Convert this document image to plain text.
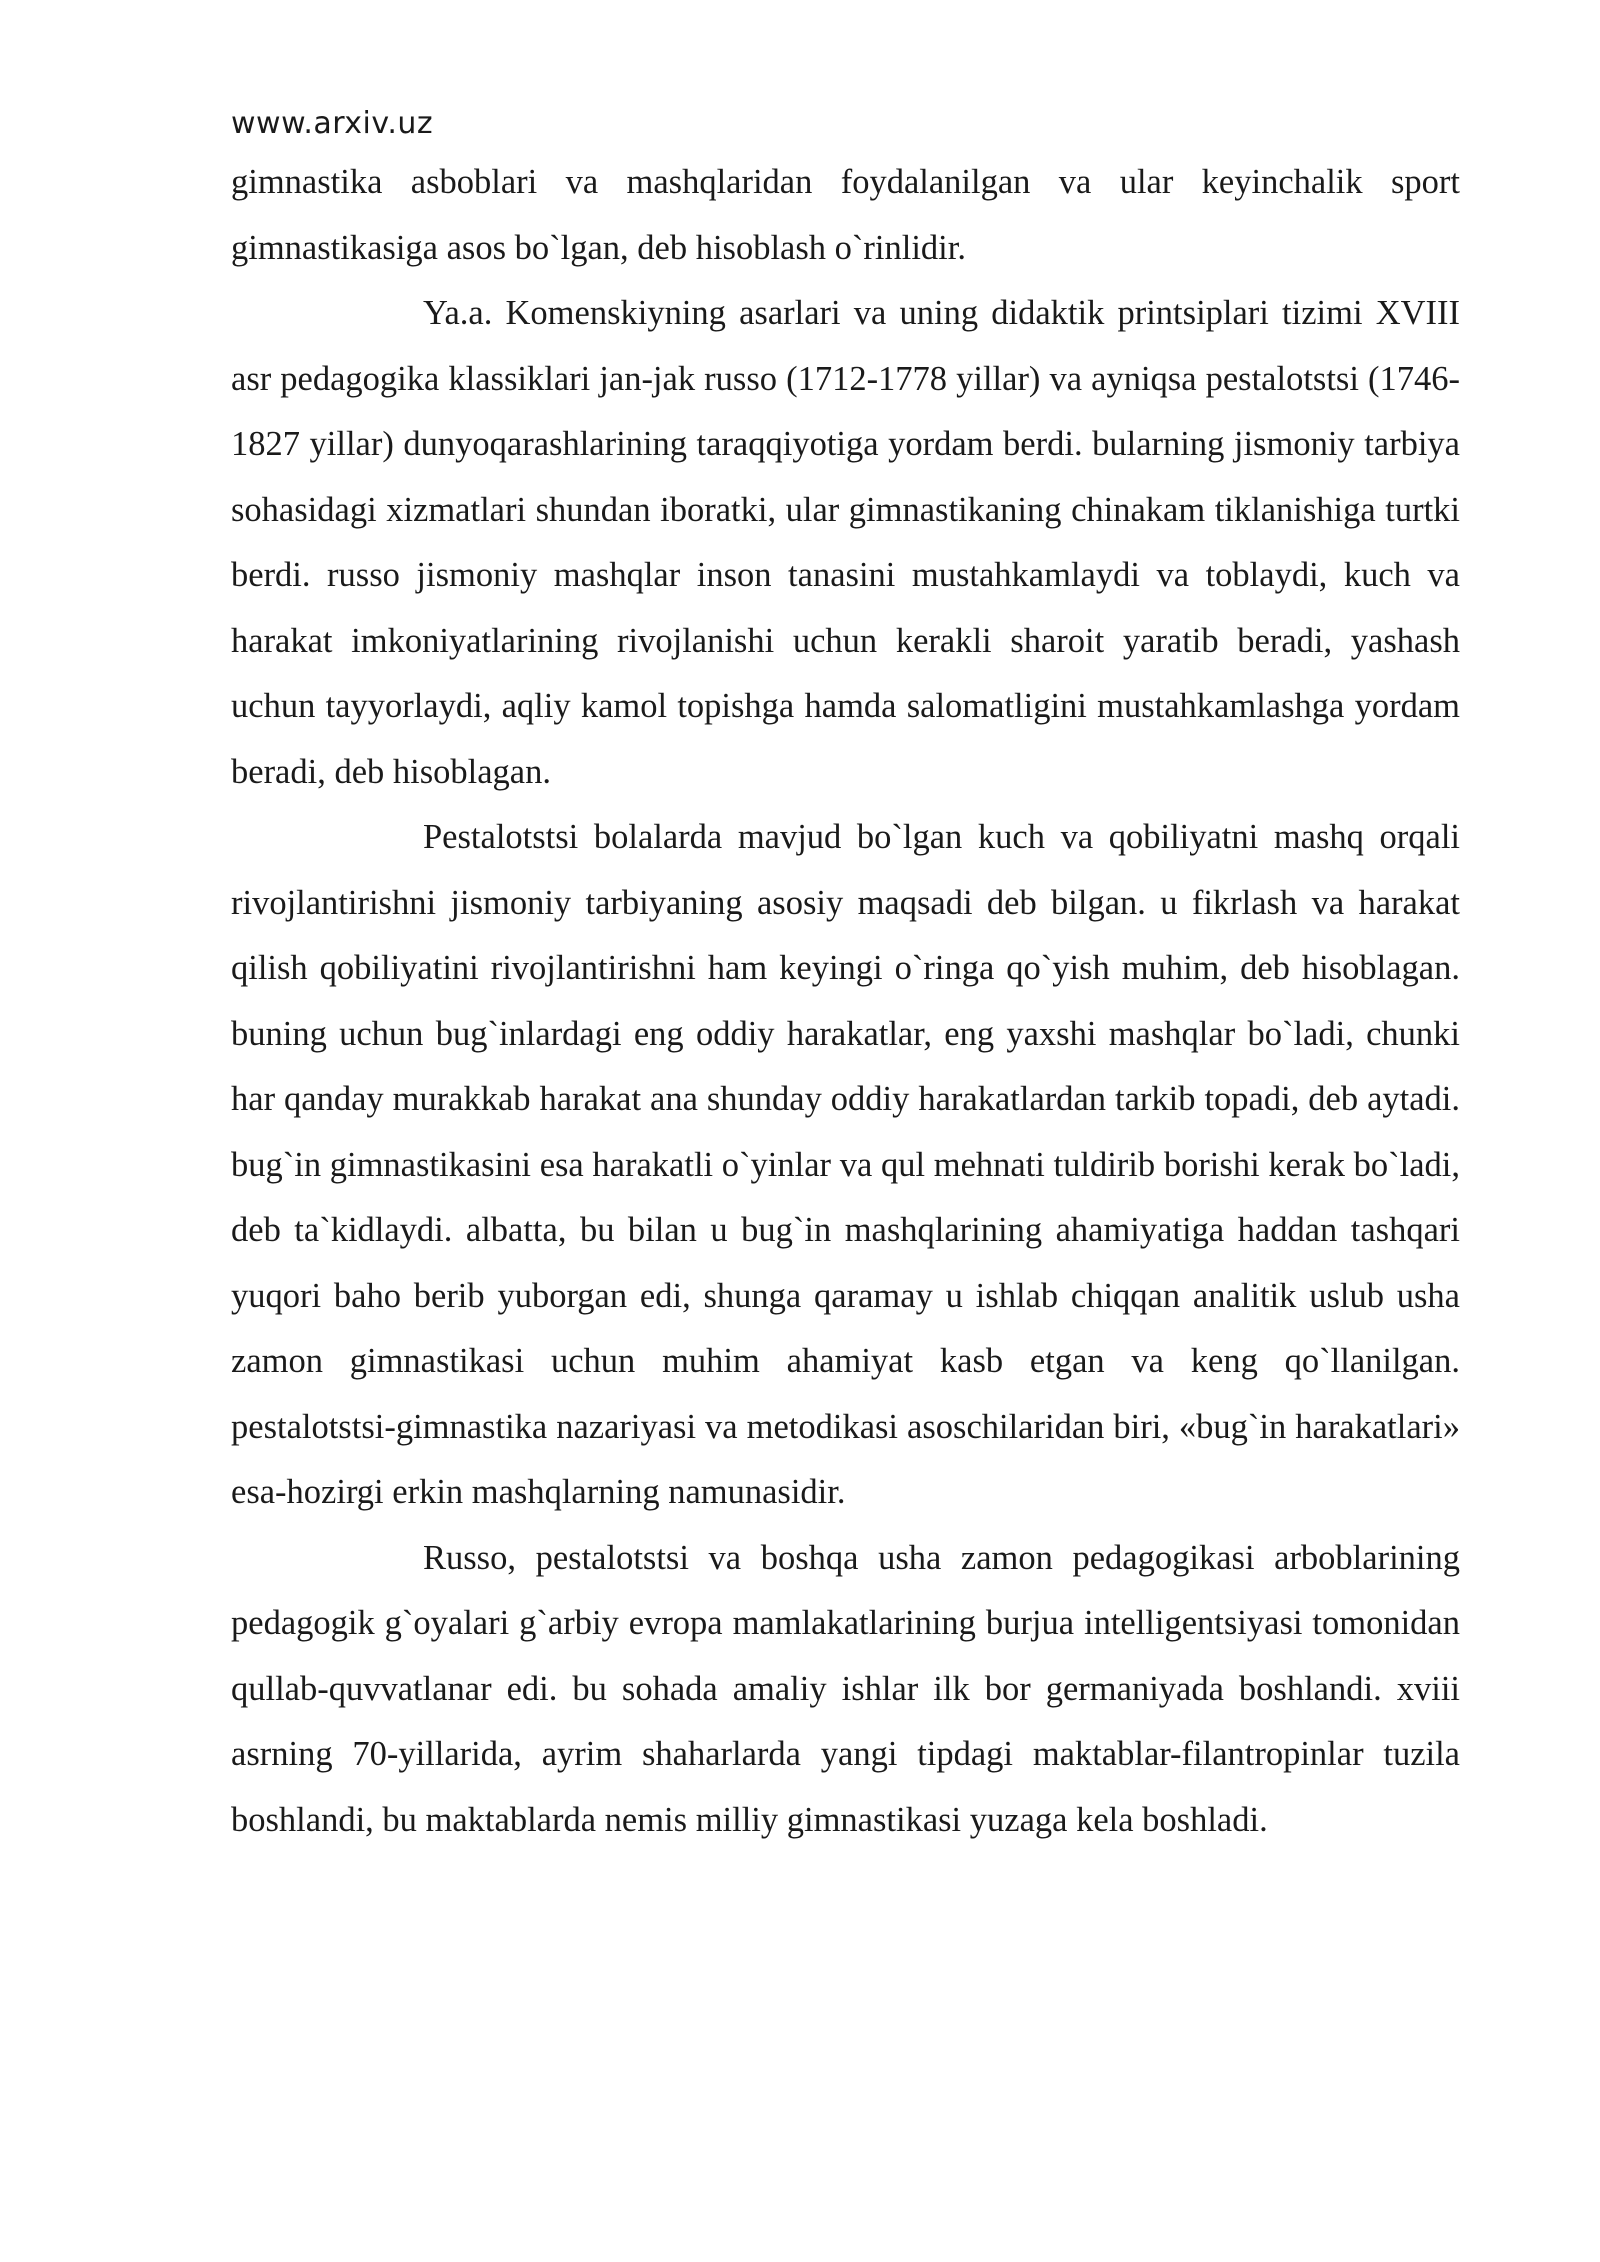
www.arxiv.uz

gimnastika asboblari va mashqlaridan foydalanilgan va ular keyinchalik sport gimnastikasiga asos bo`lgan, deb hisoblash o`rinlidir.

Ya.a. Komenskiyning asarlari va uning didaktik printsiplari tizimi XVIII asr pedagogika klassiklari jan-jak russo (1712-1778 yillar) va ayniqsa pestalotstsi (1746-1827 yillar) dunyoqarashlarining taraqqiyotiga yordam berdi. bularning jismoniy tarbiya sohasidagi xizmatlari shundan iboratki, ular gimnastikaning chinakam tiklanishiga turtki berdi. russo jismoniy mashqlar inson tanasini mustahkamlaydi va toblaydi, kuch va harakat imkoniyatlarining rivojlanishi uchun kerakli sharoit yaratib beradi, yashash uchun tayyorlaydi, aqliy kamol topishga hamda salomatligini mustahkamlashga yordam beradi, deb hisoblagan.

Pestalotstsi bolalarda mavjud bo`lgan kuch va qobiliyatni mashq orqali rivojlantirishni jismoniy tarbiyaning asosiy maqsadi deb bilgan. u fikrlash va harakat qilish qobiliyatini rivojlantirishni ham keyingi o`ringa qo`yish muhim, deb hisoblagan. buning uchun bug`inlardagi eng oddiy harakatlar, eng yaxshi mashqlar bo`ladi, chunki har qanday murakkab harakat ana shunday oddiy harakatlardan tarkib topadi, deb aytadi. bug`in gimnastikasini esa harakatli o`yinlar va qul mehnati tuldirib borishi kerak bo`ladi, deb ta`kidlaydi. albatta, bu bilan u bug`in mashqlarining ahamiyatiga haddan tashqari yuqori baho berib yuborgan edi, shunga qaramay u ishlab chiqqan analitik uslub usha zamon gimnastikasi uchun muhim ahamiyat kasb etgan va keng qo`llanilgan. pestalotstsi-gimnastika nazariyasi va metodikasi asoschilaridan biri, «bug`in harakatlari» esa-hozirgi erkin mashqlarning namunasidir.

Russo, pestalotstsi va boshqa usha zamon pedagogikasi arboblarining pedagogik g`oyalari g`arbiy evropa mamlakatlarining burjua intelligentsiyasi tomonidan qullab-quvvatlanar edi. bu sohada amaliy ishlar ilk bor germaniyada boshlandi. xviii asrning 70-yillarida, ayrim shaharlarda yangi tipdagi maktablar-filantropinlar tuzila boshlandi, bu maktablarda nemis milliy gimnastikasi yuzaga kela boshladi.
